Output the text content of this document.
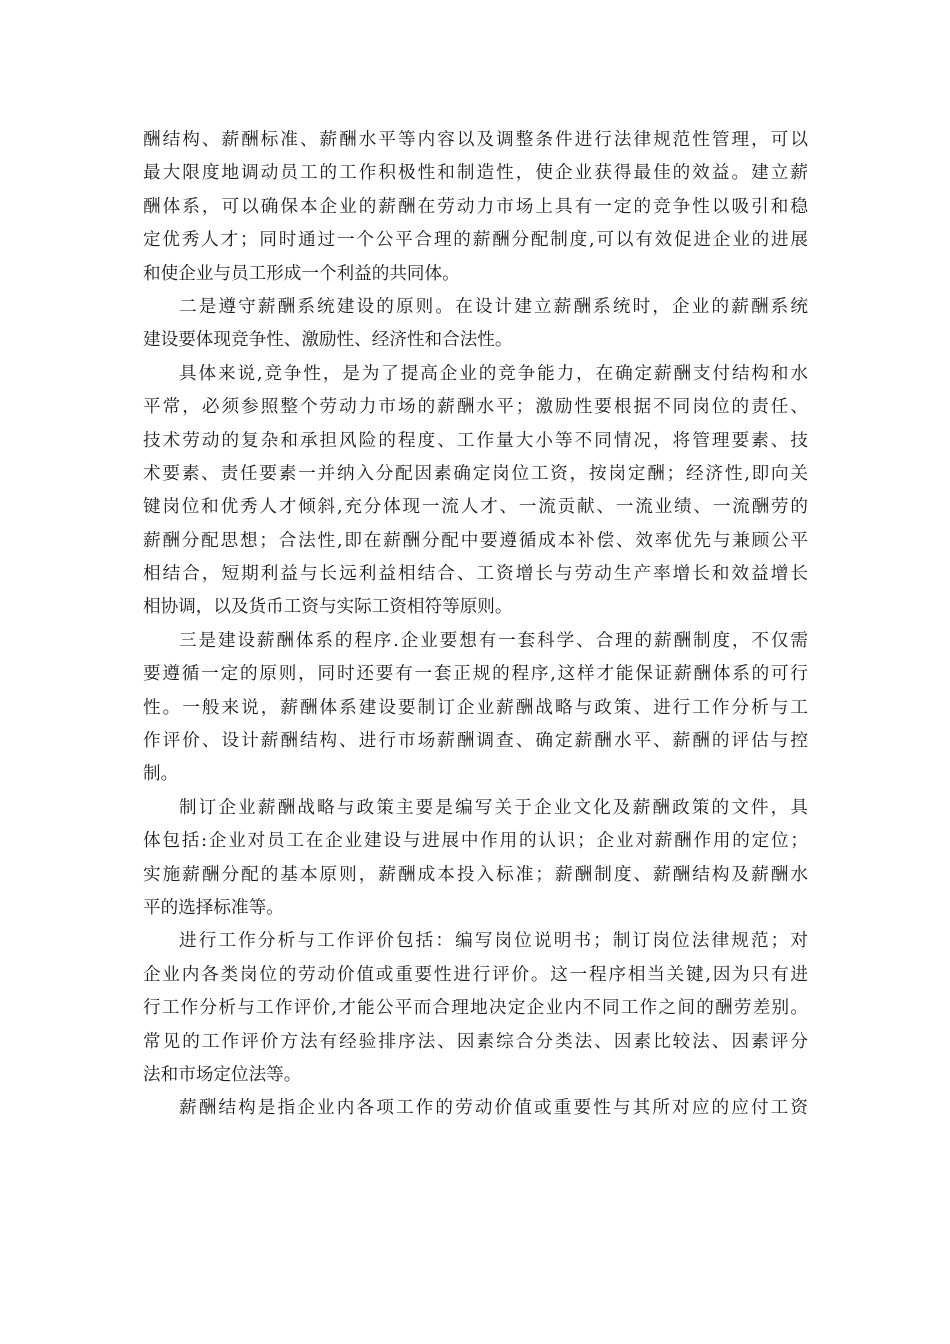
酬结构、薪酬标准、薪酬水平等内容以及调整条件进行法律规范性管理，可以
最大限度地调动员工的工作积极性和制造性，使企业获得最佳的效益。建立薪
酬体系，可以确保本企业的薪酬在劳动力市场上具有一定的竞争性以吸引和稳
定优秀人才；同时通过一个公平合理的薪酬分配制度,可以有效促进企业的进展
和使企业与员工形成一个利益的共同体。
二是遵守薪酬系统建设的原则。在设计建立薪酬系统时，企业的薪酬系统
建设要体现竞争性、激励性、经济性和合法性。
具体来说,竞争性，是为了提高企业的竞争能力，在确定薪酬支付结构和水
平常，必须参照整个劳动力市场的薪酬水平；激励性要根据不同岗位的责任、
技术劳动的复杂和承担风险的程度、工作量大小等不同情况，将管理要素、技
术要素、责任要素一并纳入分配因素确定岗位工资，按岗定酬；经济性,即向关
键岗位和优秀人才倾斜,充分体现一流人才、一流贡献、一流业绩、一流酬劳的
薪酬分配思想；合法性,即在薪酬分配中要遵循成本补偿、效率优先与兼顾公平
相结合，短期利益与长远利益相结合、工资增长与劳动生产率增长和效益增长
相协调，以及货币工资与实际工资相符等原则。
三是建设薪酬体系的程序.企业要想有一套科学、合理的薪酬制度，不仅需
要遵循一定的原则，同时还要有一套正规的程序,这样才能保证薪酬体系的可行
性。一般来说，薪酬体系建设要制订企业薪酬战略与政策、进行工作分析与工
作评价、设计薪酬结构、进行市场薪酬调查、确定薪酬水平、薪酬的评估与控
制。
制订企业薪酬战略与政策主要是编写关于企业文化及薪酬政策的文件，具
体包括:企业对员工在企业建设与进展中作用的认识；企业对薪酬作用的定位；
实施薪酬分配的基本原则，薪酬成本投入标准；薪酬制度、薪酬结构及薪酬水
平的选择标准等。
进行工作分析与工作评价包括：编写岗位说明书；制订岗位法律规范；对
企业内各类岗位的劳动价值或重要性进行评价。这一程序相当关键,因为只有进
行工作分析与工作评价,才能公平而合理地决定企业内不同工作之间的酬劳差别。
常见的工作评价方法有经验排序法、因素综合分类法、因素比较法、因素评分
法和市场定位法等。
薪酬结构是指企业内各项工作的劳动价值或重要性与其所对应的应付工资
